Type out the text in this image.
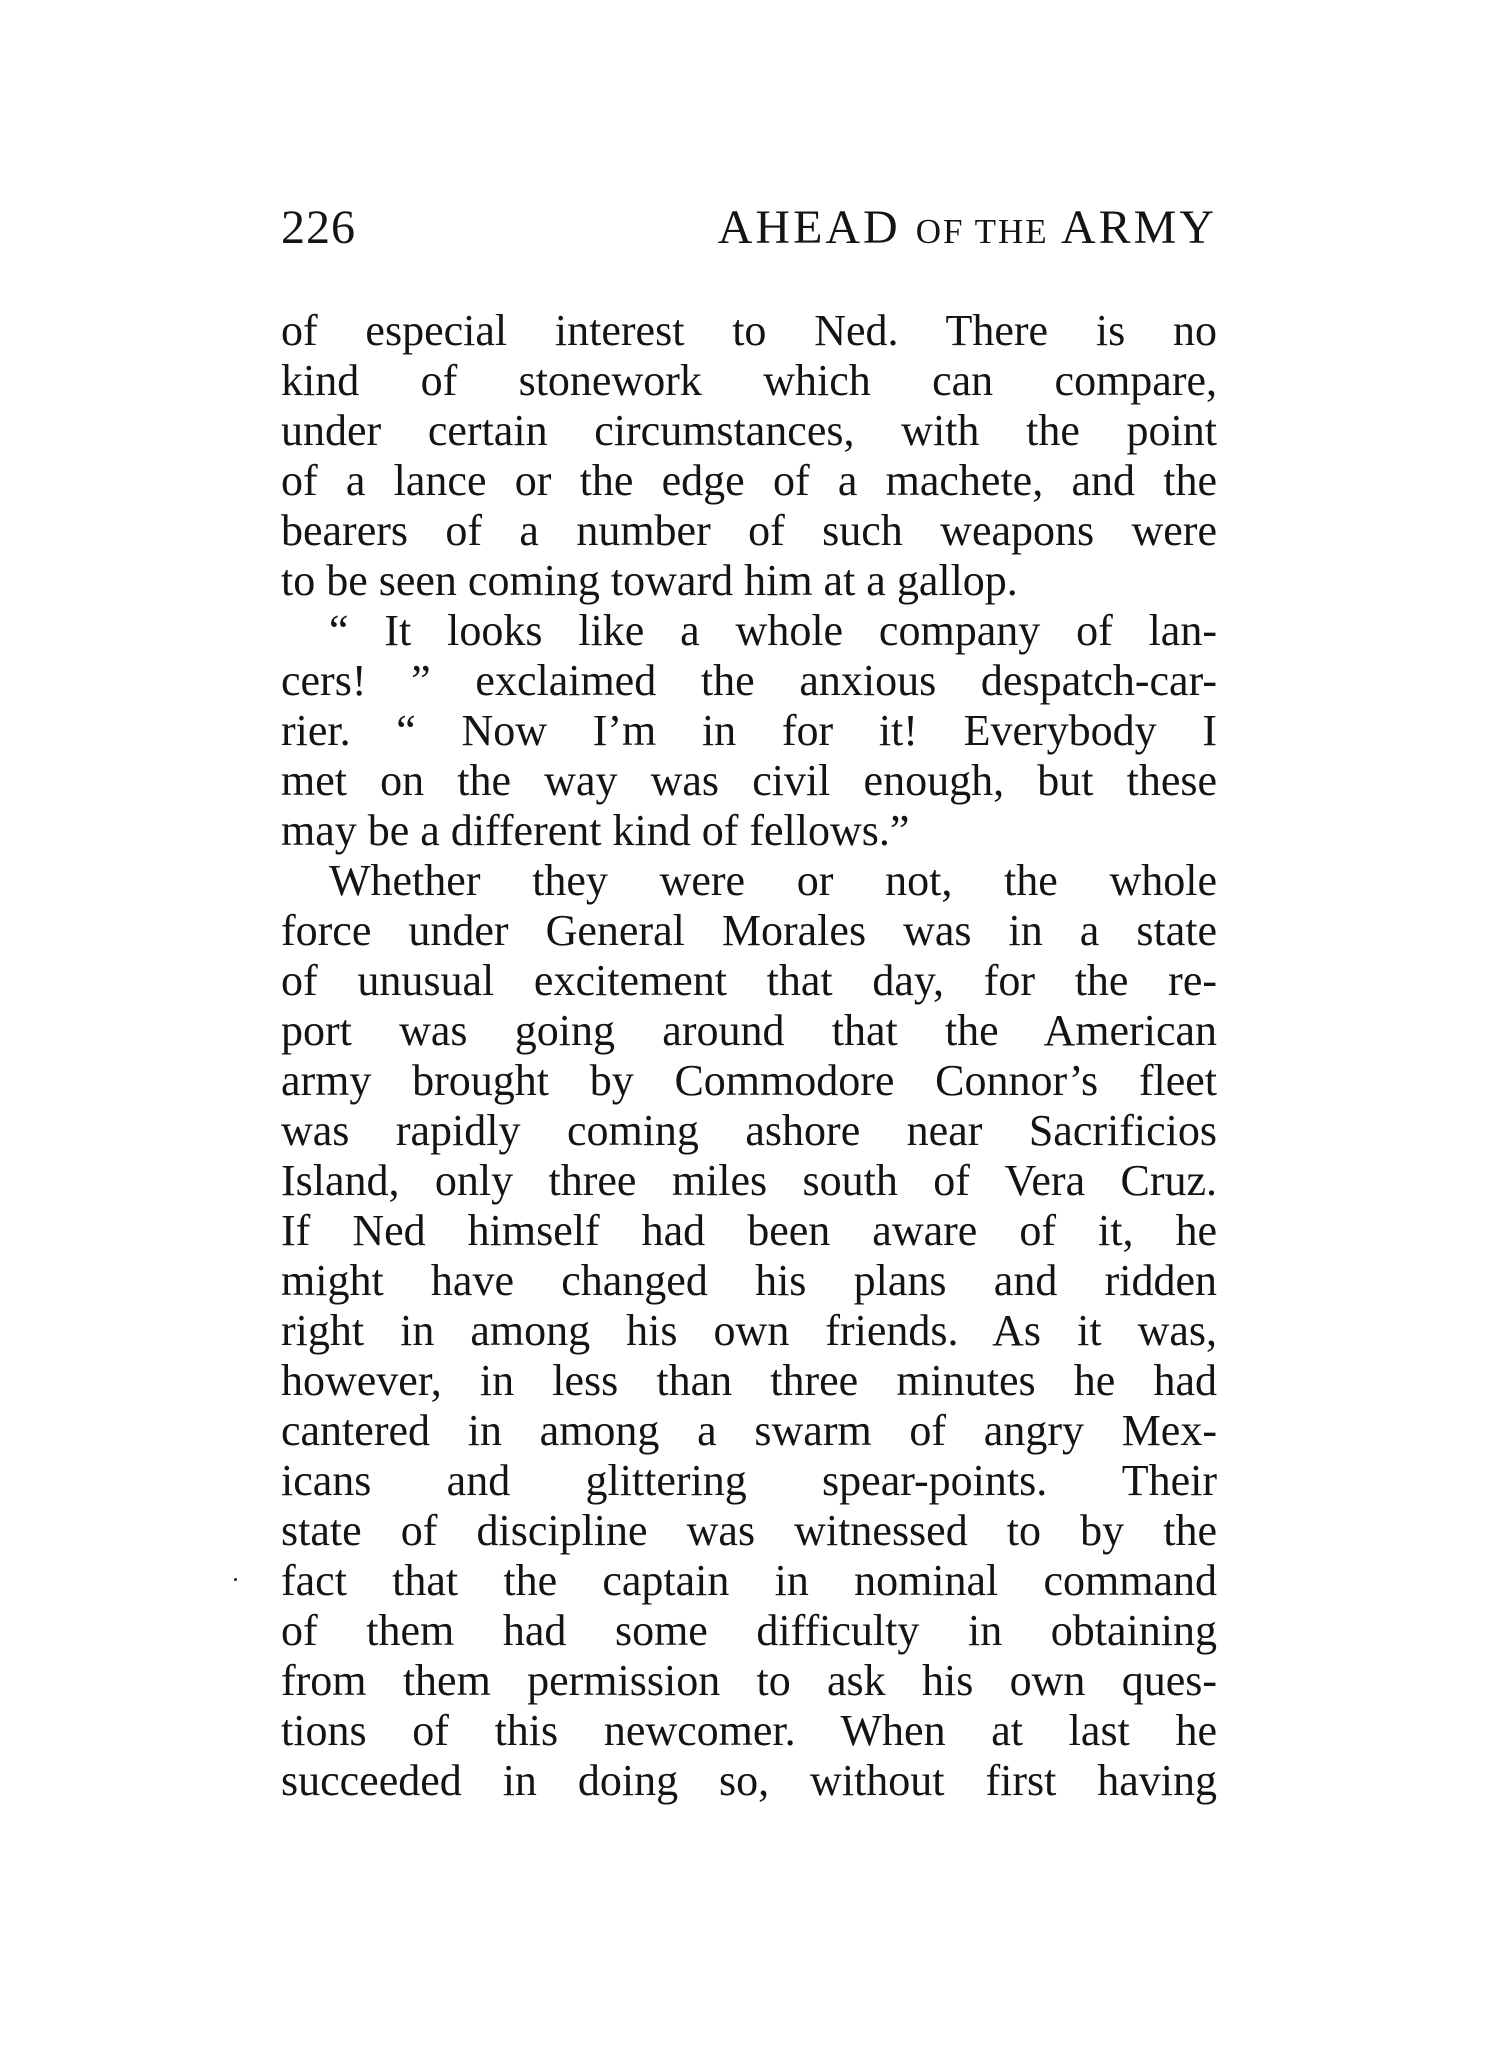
226	AHEAD OF THE ARMY
of especial interest to Ned. There is no
kind of stonework which can compare,
under certain circumstances, with the point
of a lance or the edge of a machete, and the
bearers of a number of such weapons were
to be seen coming toward him at a gallop.
“ It looks like a whole company of lan-
cers! ” exclaimed the anxious despatch-car-
rier. “ Now I’m in for it! Everybody I
met on the way was civil enough, but these
may be a different kind of fellows.”
Whether they were or not, the whole
force under General Morales was in a state
of unusual excitement that day, for the re-
port was going around that the American
army brought by Commodore Connor’s fleet
was rapidly coming ashore near Sacrificios
Island, only three miles south of Vera Cruz.
If Ned himself had been aware of it, he
might have changed his plans and ridden
right in among his own friends. As it was,
however, in less than three minutes he had
cantered in among a swarm of angry Mex-
icans and glittering spear-points. Their
state of discipline was witnessed to by the
fact that the captain in nominal command
of them had some difficulty in obtaining
from them permission to ask his own ques-
tions of this newcomer. When at last he
succeeded in doing so, without first having
